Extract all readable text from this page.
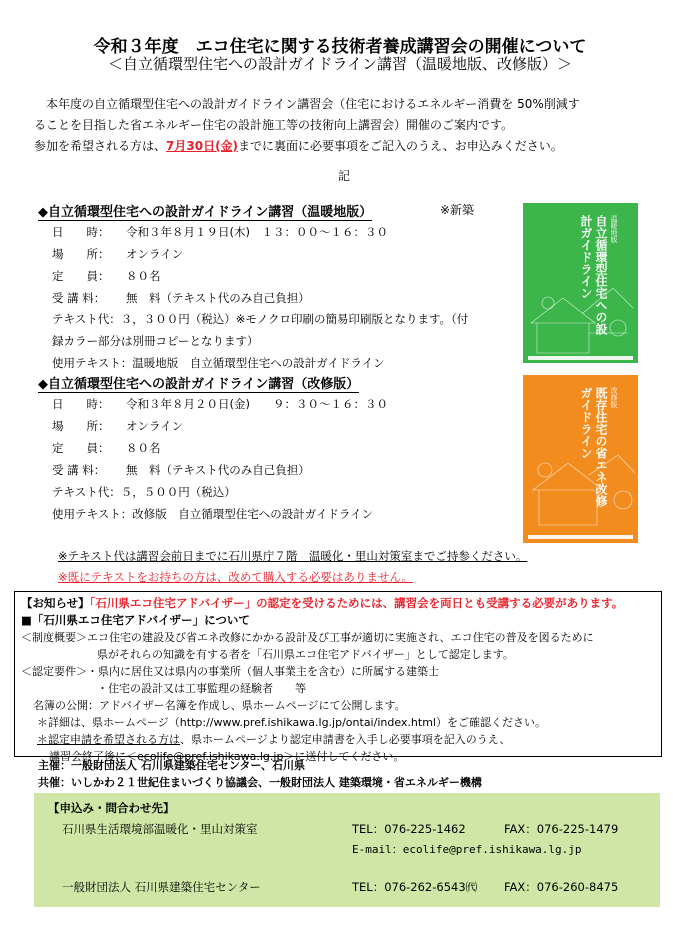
令和３年度　エコ住宅に関する技術者養成講習会の開催について
＜自立循環型住宅への設計ガイドライン講習（温暖地版、改修版）＞
本年度の自立循環型住宅への設計ガイドライン講習会（住宅におけるエネルギー消費を 50%削減す
ることを目指した省エネルギー住宅の設計施工等の技術向上講習会）開催のご案内です。
参加を希望される方は、7月30日(金)までに裏面に必要事項をご記入のうえ、お申込みください。
記
◆自立循環型住宅への設計ガイドライン講習（温暖地版）	※新築
日　　時： 令和３年８月１９日(木)　１３：００～１６：３０
場　　所： オンライン
定　　員： ８０名
受 講 料： 無　料（テキスト代のみ自己負担）
テキスト代：３，３００円（税込）※モノクロ印刷の簡易印刷版となります。（付
録カラー部分は別冊コピーとなります）
使用テキスト：温暖地版　自立循環型住宅への設計ガイドライン
◆自立循環型住宅への設計ガイドライン講習（改修版）
日　　時： 令和３年８月２０日(金)　　９：３０～１６：３０
場　　所： オンライン
定　　員： ８０名
受 講 料： 無　料（テキスト代のみ自己負担）
テキスト代：５，５００円（税込）
使用テキスト：改修版　自立循環型住宅への設計ガイドライン
自立循環型住宅への設計ガイドライン	温暖地版
既存住宅の省エネ改修ガイドライン	改修版
※テキスト代は講習会前日までに石川県庁７階　温暖化・里山対策室までご持参ください。
※既にテキストをお持ちの方は、改めて購入する必要はありません。
【お知らせ】「石川県エコ住宅アドバイザー」の認定を受けるためには、講習会を両日とも受講する必要があります。
■「石川県エコ住宅アドバイザー」について
＜制度概要＞エコ住宅の建設及び省エネ改修にかかる設計及び工事が適切に実施され、エコ住宅の普及を図るために
県がそれらの知識を有する者を「石川県エコ住宅アドバイザー」として認定します。
＜認定要件＞・県内に居住又は県内の事業所（個人事業主を含む）に所属する建築士
・住宅の設計又は工事監理の経験者　　等
名簿の公開：アドバイザー名簿を作成し、県ホームページにて公開します。
＊詳細は、県ホームページ（http://www.pref.ishikawa.lg.jp/ontai/index.html）をご確認ください。
＊認定申請を希望される方は、県ホームページより認定申請書を入手し必要事項を記入のうえ、
講習会終了後に＜ecolife@pref.ishikawa.lg.jp＞に送付してください。
主催：一般財団法人 石川県建築住宅センター、石川県
共催：いしかわ２１世紀住まいづくり協議会、一般財団法人 建築環境・省エネルギー機構
【申込み・問合わせ先】
石川県生活環境部温暖化・里山対策室	TEL：076-225-1462	FAX：076-225-1479
E-mail：ecolife@pref.ishikawa.lg.jp
一般財団法人 石川県建築住宅センター	TEL：076-262-6543㈹ FAX：076-260-8475
